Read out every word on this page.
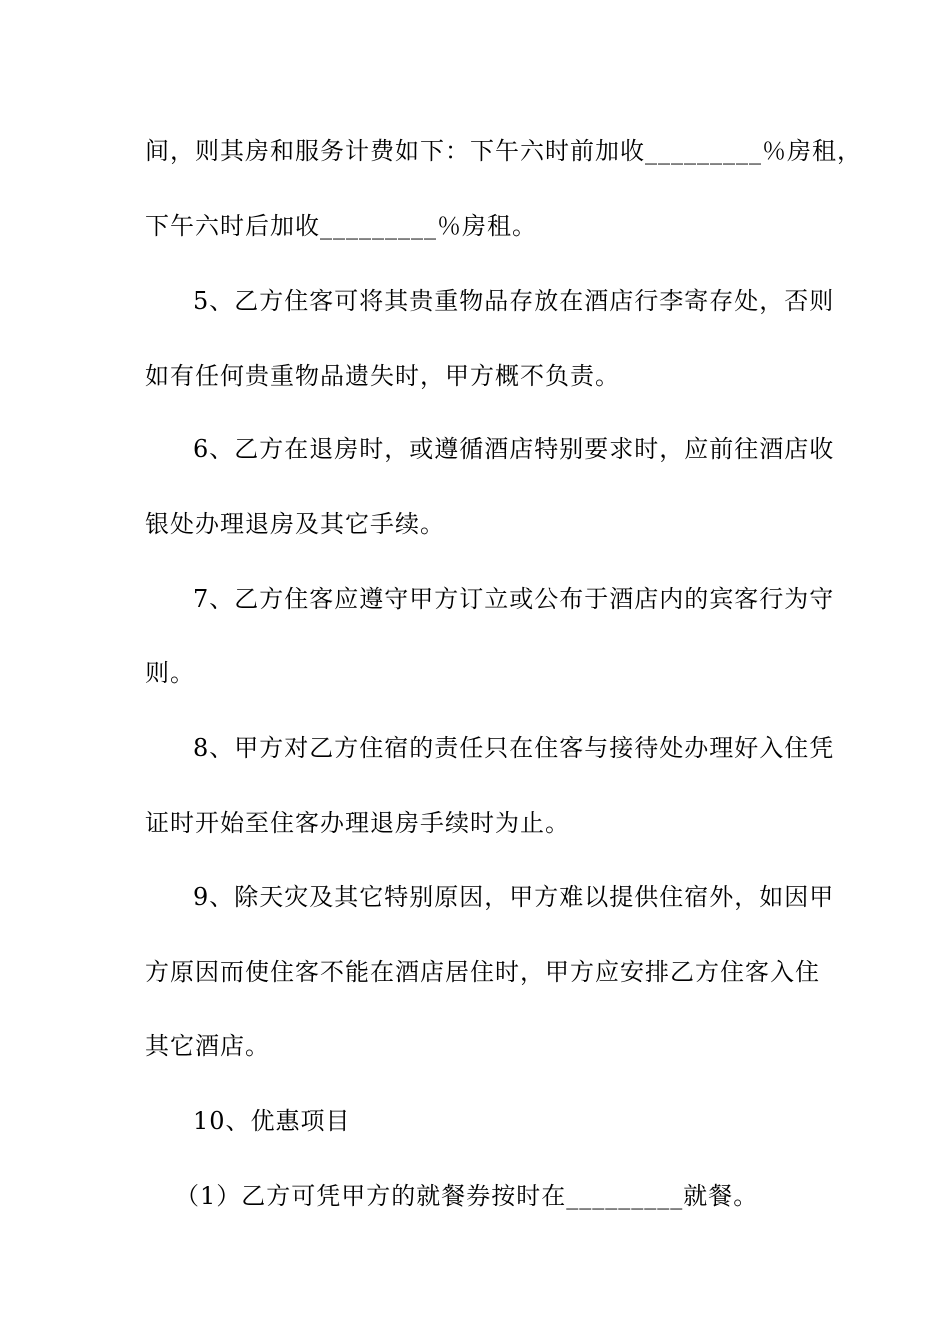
间，则其房和服务计费如下：下午六时前加收_________％房租，
下午六时后加收_________％房租。
5、乙方住客可将其贵重物品存放在酒店行李寄存处，否则
如有任何贵重物品遗失时，甲方概不负责。
6、乙方在退房时，或遵循酒店特别要求时，应前往酒店收
银处办理退房及其它手续。
7、乙方住客应遵守甲方订立或公布于酒店内的宾客行为守
则。
8、甲方对乙方住宿的责任只在住客与接待处办理好入住凭
证时开始至住客办理退房手续时为止。
9、除天灾及其它特别原因，甲方难以提供住宿外，如因甲
方原因而使住客不能在酒店居住时，甲方应安排乙方住客入住
其它酒店。
10、优惠项目
（1）乙方可凭甲方的就餐券按时在_________就餐。
